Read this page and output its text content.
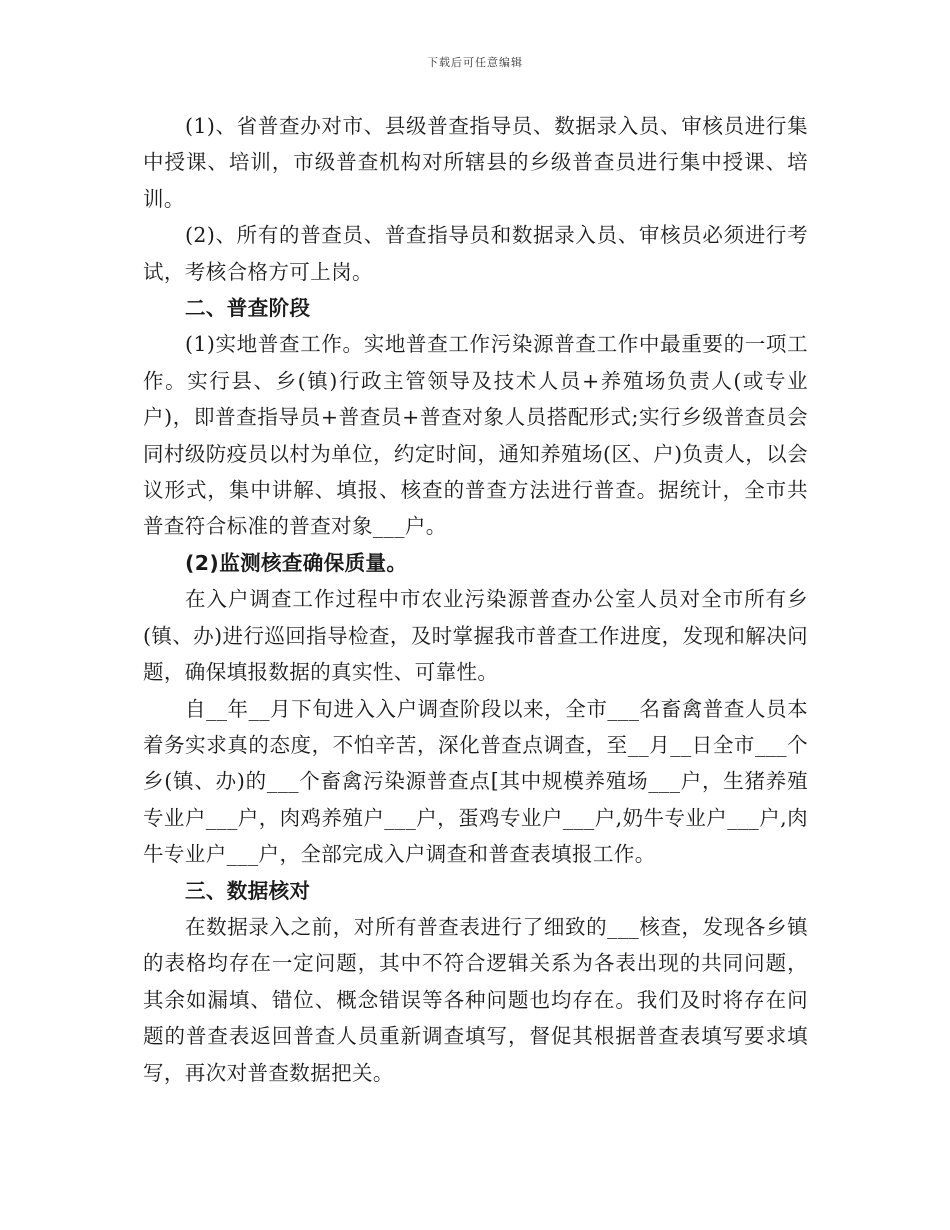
下载后可任意编辑

(1)、省普查办对市、县级普查指导员、数据录入员、审核员进行集中授课、培训，市级普查机构对所辖县的乡级普查员进行集中授课、培训。

(2)、所有的普查员、普查指导员和数据录入员、审核员必须进行考试，考核合格方可上岗。

二、普查阶段

(1)实地普查工作。实地普查工作污染源普查工作中最重要的一项工作。实行县、乡(镇)行政主管领导及技术人员+养殖场负责人(或专业户)，即普查指导员+普查员+普查对象人员搭配形式;实行乡级普查员会同村级防疫员以村为单位，约定时间，通知养殖场(区、户)负责人，以会议形式，集中讲解、填报、核查的普查方法进行普查。据统计，全市共普查符合标准的普查对象___户。

(2)监测核查确保质量。

在入户调查工作过程中市农业污染源普查办公室人员对全市所有乡(镇、办)进行巡回指导检查，及时掌握我市普查工作进度，发现和解决问题，确保填报数据的真实性、可靠性。

自__年__月下旬进入入户调查阶段以来，全市___名畜禽普查人员本着务实求真的态度，不怕辛苦，深化普查点调查，至__月__日全市___个乡(镇、办)的___个畜禽污染源普查点[其中规模养殖场___户，生猪养殖专业户___户，肉鸡养殖户___户，蛋鸡专业户___户,奶牛专业户___户,肉牛专业户___户，全部完成入户调查和普查表填报工作。

三、数据核对

在数据录入之前，对所有普查表进行了细致的___核查，发现各乡镇的表格均存在一定问题，其中不符合逻辑关系为各表出现的共同问题，其余如漏填、错位、概念错误等各种问题也均存在。我们及时将存在问题的普查表返回普查人员重新调查填写，督促其根据普查表填写要求填写，再次对普查数据把关。
